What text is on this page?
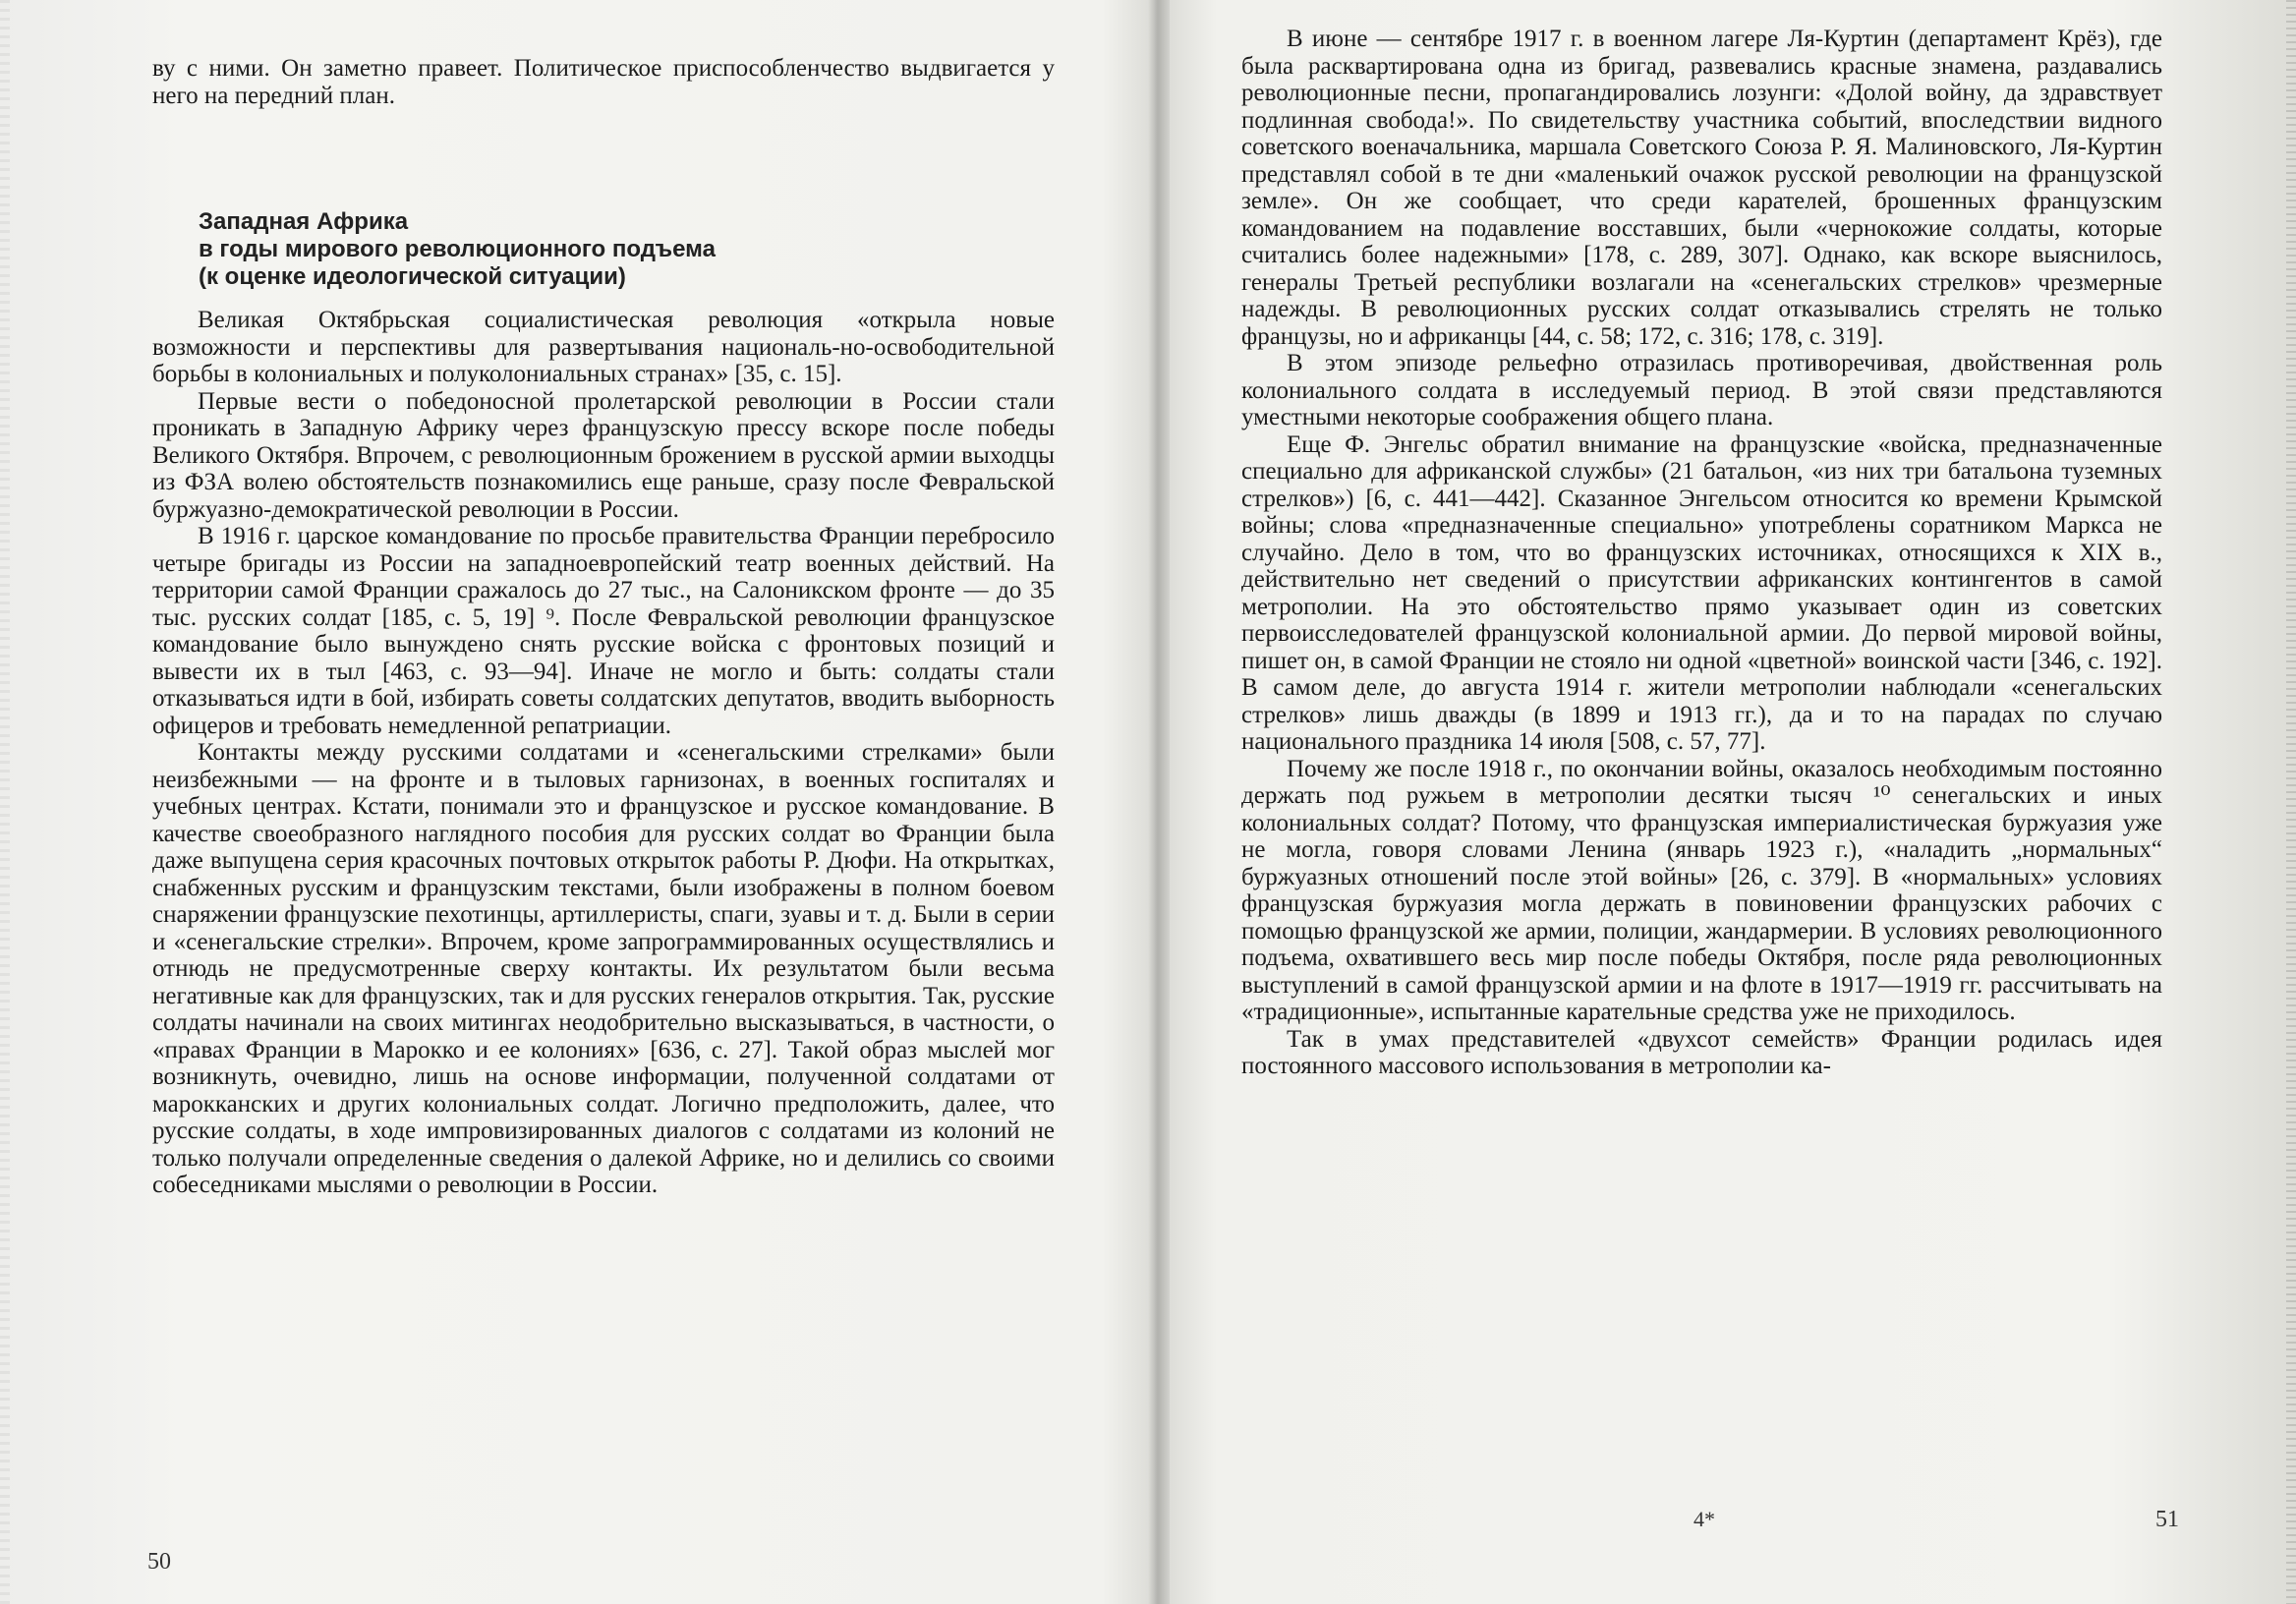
ву с ними. Он заметно правеет. Политическое приспособленчество выдвигается у него на передний план.

Западная Африка
в годы мирового революционного подъема
(к оценке идеологической ситуации)

Великая Октябрьская социалистическая революция «открыла новые возможности и перспективы для развертывания националь-но-освободительной борьбы в колониальных и полуколониальных странах» [35, с. 15].

Первые вести о победоносной пролетарской революции в России стали проникать в Западную Африку через французскую прессу вскоре после победы Великого Октября. Впрочем, с революционным брожением в русской армии выходцы из ФЗА волею обстоятельств познакомились еще раньше, сразу после Февральской буржуазно-демократической революции в России.

В 1916 г. царское командование по просьбе правительства Франции перебросило четыре бригады из России на западноевропейский театр военных действий. На территории самой Франции сражалось до 27 тыс., на Салоникском фронте — до 35 тыс. русских солдат [185, с. 5, 19] ⁹. После Февральской революции французское командование было вынуждено снять русские войска с фронтовых позиций и вывести их в тыл [463, с. 93—94]. Иначе не могло и быть: солдаты стали отказываться идти в бой, избирать советы солдатских депутатов, вводить выборность офицеров и требовать немедленной репатриации.

Контакты между русскими солдатами и «сенегальскими стрелками» были неизбежными — на фронте и в тыловых гарнизонах, в военных госпиталях и учебных центрах. Кстати, понимали это и французское и русское командование. В качестве своеобразного наглядного пособия для русских солдат во Франции была даже выпущена серия красочных почтовых открыток работы Р. Дюфи. На открытках, снабженных русским и французским текстами, были изображены в полном боевом снаряжении французские пехотинцы, артиллеристы, спаги, зуавы и т. д. Были в серии и «сенегальские стрелки». Впрочем, кроме запрограммированных осуществлялись и отнюдь не предусмотренные сверху контакты. Их результатом были весьма негативные как для французских, так и для русских генералов открытия. Так, русские солдаты начинали на своих митингах неодобрительно высказываться, в частности, о «правах Франции в Марокко и ее колониях» [636, с. 27]. Такой образ мыслей мог возникнуть, очевидно, лишь на основе информации, полученной солдатами от марокканских и других колониальных солдат. Логично предположить, далее, что русские солдаты, в ходе импровизированных диалогов с солдатами из колоний не только получали определенные сведения о далекой Африке, но и делились со своими собеседниками мыслями о революции в России.

50

В июне — сентябре 1917 г. в военном лагере Ля-Куртин (департамент Крёз), где была расквартирована одна из бригад, развевались красные знамена, раздавались революционные песни, пропагандировались лозунги: «Долой войну, да здравствует подлинная свобода!». По свидетельству участника событий, впоследствии видного советского военачальника, маршала Советского Союза Р. Я. Малиновского, Ля-Куртин представлял собой в те дни «маленький очажок русской революции на французской земле». Он же сообщает, что среди карателей, брошенных французским командованием на подавление восставших, были «чернокожие солдаты, которые считались более надежными» [178, с. 289, 307]. Однако, как вскоре выяснилось, генералы Третьей республики возлагали на «сенегальских стрелков» чрезмерные надежды. В революционных русских солдат отказывались стрелять не только французы, но и африканцы [44, с. 58; 172, с. 316; 178, с. 319].

В этом эпизоде рельефно отразилась противоречивая, двойственная роль колониального солдата в исследуемый период. В этой связи представляются уместными некоторые соображения общего плана.

Еще Ф. Энгельс обратил внимание на французские «войска, предназначенные специально для африканской службы» (21 батальон, «из них три батальона туземных стрелков») [6, с. 441—442]. Сказанное Энгельсом относится ко времени Крымской войны; слова «предназначенные специально» употреблены соратником Маркса не случайно. Дело в том, что во французских источниках, относящихся к XIX в., действительно нет сведений о присутствии африканских контингентов в самой метрополии. На это обстоятельство прямо указывает один из советских первоисследователей французской колониальной армии. До первой мировой войны, пишет он, в самой Франции не стояло ни одной «цветной» воинской части [346, с. 192]. В самом деле, до августа 1914 г. жители метрополии наблюдали «сенегальских стрелков» лишь дважды (в 1899 и 1913 гг.), да и то на парадах по случаю национального праздника 14 июля [508, с. 57, 77].

Почему же после 1918 г., по окончании войны, оказалось необходимым постоянно держать под ружьем в метрополии десятки тысяч ¹⁰ сенегальских и иных колониальных солдат? Потому, что французская империалистическая буржуазия уже не могла, говоря словами Ленина (январь 1923 г.), «наладить „нормальных“ буржуазных отношений после этой войны» [26, с. 379]. В «нормальных» условиях французская буржуазия могла держать в повиновении французских рабочих с помощью французской же армии, полиции, жандармерии. В условиях революционного подъема, охватившего весь мир после победы Октября, после ряда революционных выступлений в самой французской армии и на флоте в 1917—1919 гг. рассчитывать на «традиционные», испытанные карательные средства уже не приходилось.

Так в умах представителей «двухсот семейств» Франции родилась идея постоянного массового использования в метрополии ка-

4*	51
